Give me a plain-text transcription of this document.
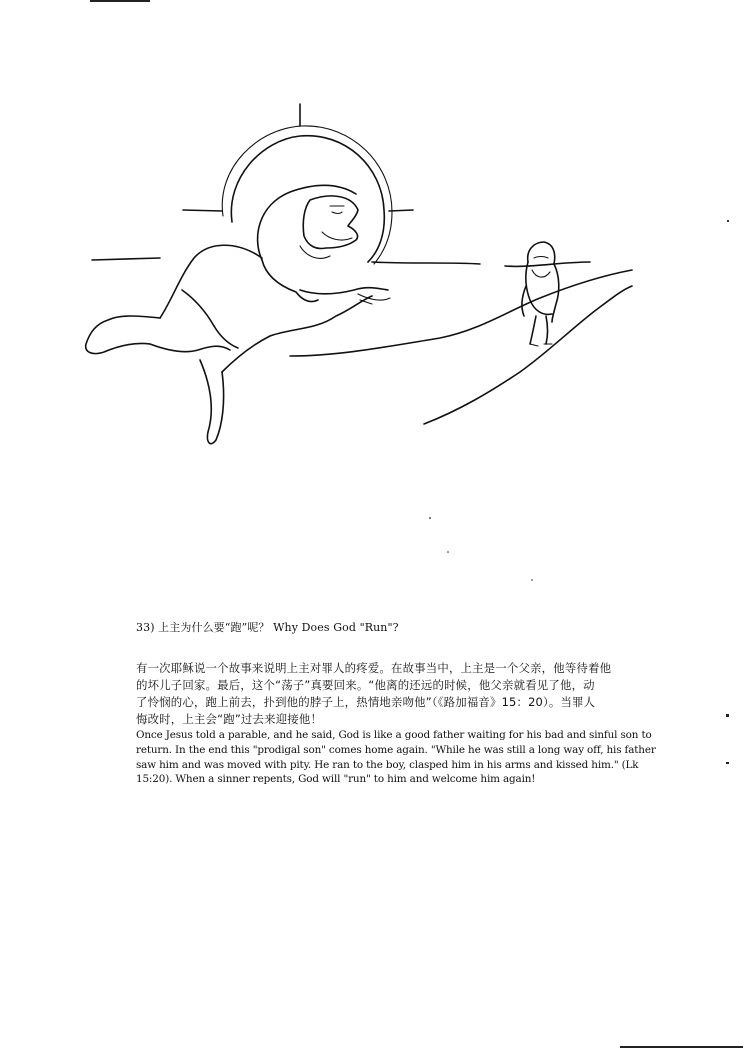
33) 上主为什么要“跑”呢？ Why Does God "Run"?

有一次耶稣说一个故事来说明上主对罪人的疼爱。在故事当中，上主是一个父亲，他等待着他
的坏儿子回家。最后，这个“荡子”真要回来。“他离的还远的时候，他父亲就看见了他，动
了怜悯的心，跑上前去，扑到他的脖子上，热情地亲吻他”（《路加福音》15：20）。当罪人
悔改时，上主会“跑”过去来迎接他！

Once Jesus told a parable, and he said, God is like a good father waiting for his bad and sinful son to
return. In the end this "prodigal son" comes home again. "While he was still a long way off, his father
saw him and was moved with pity. He ran to the boy, clasped him in his arms and kissed him." (Lk
15:20). When a sinner repents, God will "run" to him and welcome him again!
